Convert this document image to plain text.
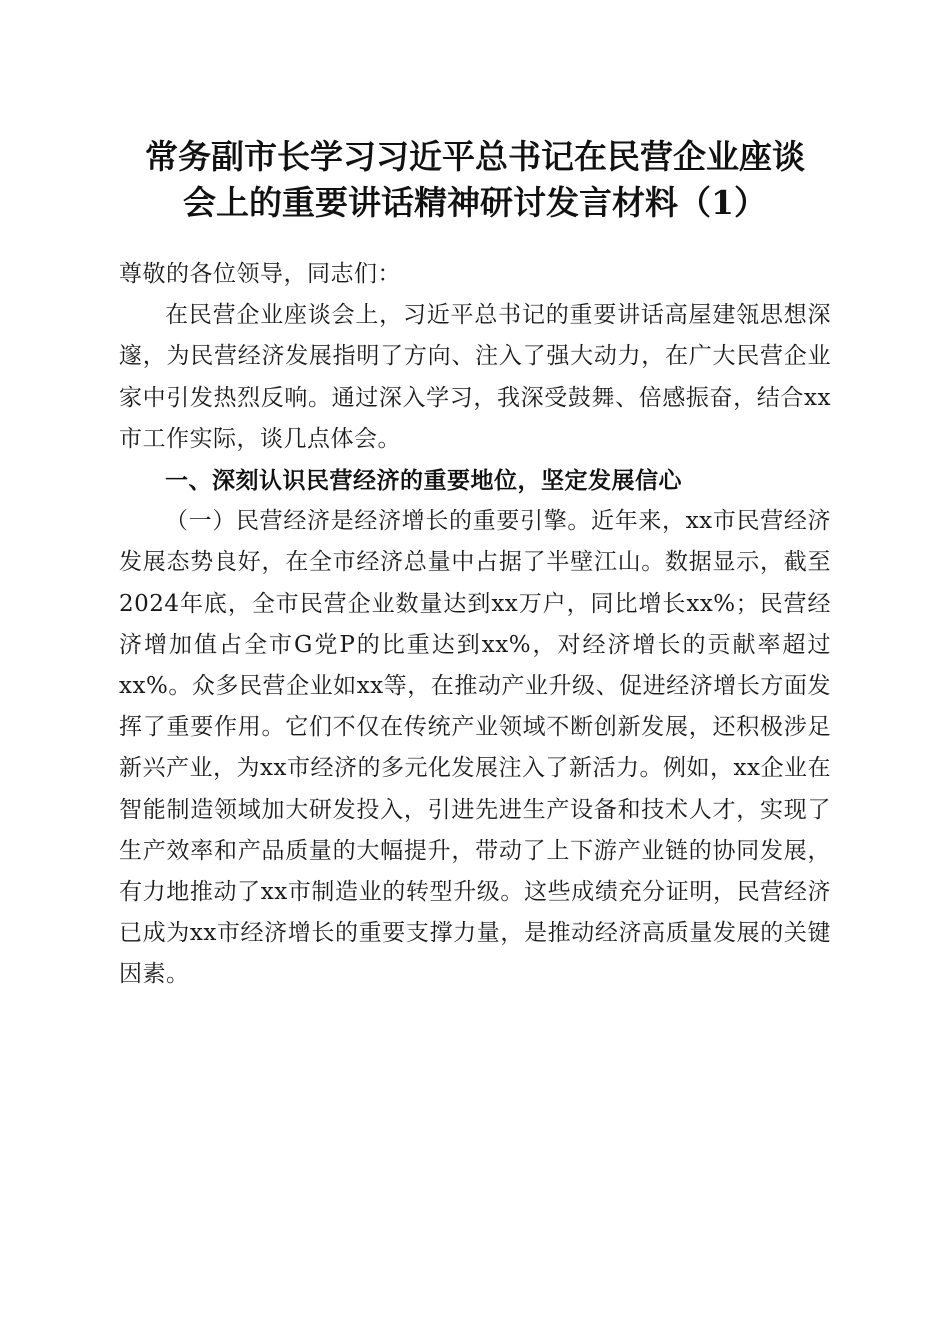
常务副市长学习习近平总书记在民营企业座谈
会上的重要讲话精神研讨发言材料（1）

尊敬的各位领导，同志们：

在民营企业座谈会上，习近平总书记的重要讲话高屋建瓴思想深邃，为民营经济发展指明了方向、注入了强大动力，在广大民营企业家中引发热烈反响。通过深入学习，我深受鼓舞、倍感振奋，结合xx市工作实际，谈几点体会。

一、深刻认识民营经济的重要地位，坚定发展信心

（一）民营经济是经济增长的重要引擎。近年来，xx市民营经济发展态势良好，在全市经济总量中占据了半壁江山。数据显示，截至2024年底，全市民营企业数量达到xx万户，同比增长xx%；民营经济增加值占全市G党P的比重达到xx%，对经济增长的贡献率超过xx%。众多民营企业如xx等，在推动产业升级、促进经济增长方面发挥了重要作用。它们不仅在传统产业领域不断创新发展，还积极涉足新兴产业，为xx市经济的多元化发展注入了新活力。例如，xx企业在智能制造领域加大研发投入，引进先进生产设备和技术人才，实现了生产效率和产品质量的大幅提升，带动了上下游产业链的协同发展，有力地推动了xx市制造业的转型升级。这些成绩充分证明，民营经济已成为xx市经济增长的重要支撑力量，是推动经济高质量发展的关键因素。
